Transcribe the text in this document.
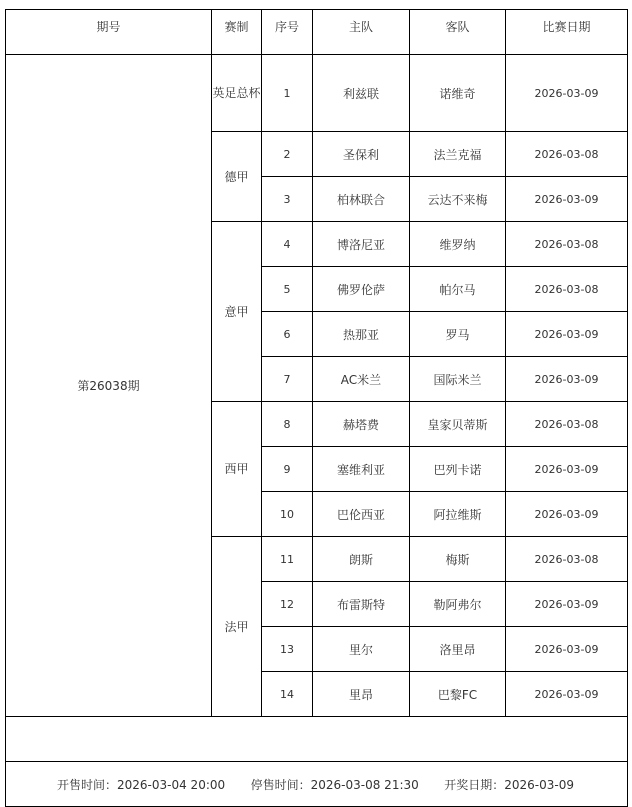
期号	赛制	序号	主队	客队	比赛日期
第26038期	英足总杯	1	利兹联	诺维奇	2026-03-09
	德甲	2	圣保利	法兰克福	2026-03-08
		3	柏林联合	云达不来梅	2026-03-09
	意甲	4	博洛尼亚	维罗纳	2026-03-08
		5	佛罗伦萨	帕尔马	2026-03-08
		6	热那亚	罗马	2026-03-09
		7	AC米兰	国际米兰	2026-03-09
	西甲	8	赫塔费	皇家贝蒂斯	2026-03-08
		9	塞维利亚	巴列卡诺	2026-03-09
		10	巴伦西亚	阿拉维斯	2026-03-09
	法甲	11	朗斯	梅斯	2026-03-08
		12	布雷斯特	勒阿弗尔	2026-03-09
		13	里尔	洛里昂	2026-03-09
		14	里昂	巴黎FC	2026-03-09

开售时间：2026-03-04 20:00 停售时间：2026-03-08 21:30 开奖日期：2026-03-09					
